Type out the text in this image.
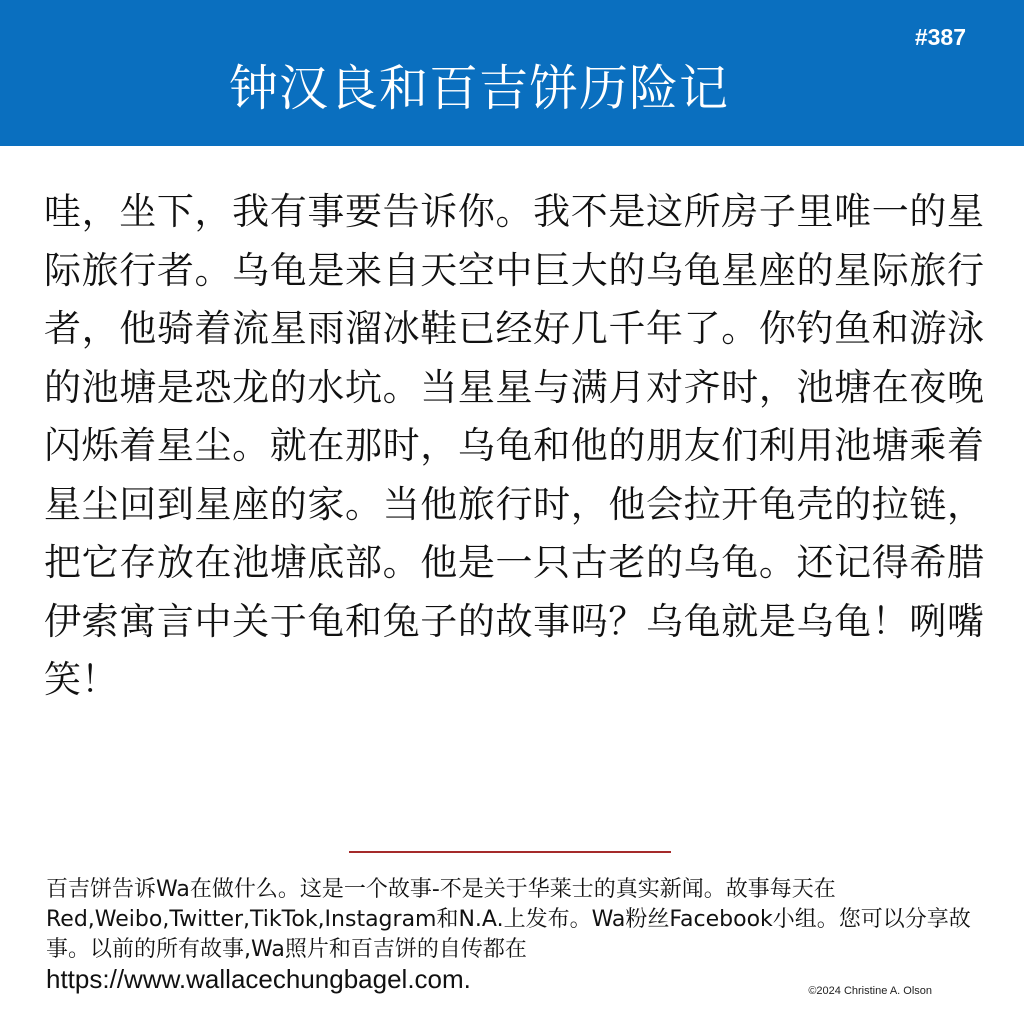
#387
钟汉良和百吉饼历险记

哇，坐下，我有事要告诉你。我不是这所房子里唯一的星际旅行者。乌龟是来自天空中巨大的乌龟星座的星际旅行者，他骑着流星雨溜冰鞋已经好几千年了。你钓鱼和游泳的池塘是恐龙的水坑。当星星与满月对齐时，池塘在夜晚闪烁着星尘。就在那时，乌龟和他的朋友们利用池塘乘着星尘回到星座的家。当他旅行时，他会拉开龟壳的拉链，把它存放在池塘底部。他是一只古老的乌龟。还记得希腊伊索寓言中关于龟和兔子的故事吗？乌龟就是乌龟！咧嘴笑！

百吉饼告诉Wa在做什么。这是一个故事-不是关于华莱士的真实新闻。故事每天在Red,Weibo,Twitter,TikTok,Instagram和N.A.上发布。Wa粉丝Facebook小组。您可以分享故事。以前的所有故事,Wa照片和百吉饼的自传都在

https://www.wallacechungbagel.com.	©2024 Christine A. Olson
